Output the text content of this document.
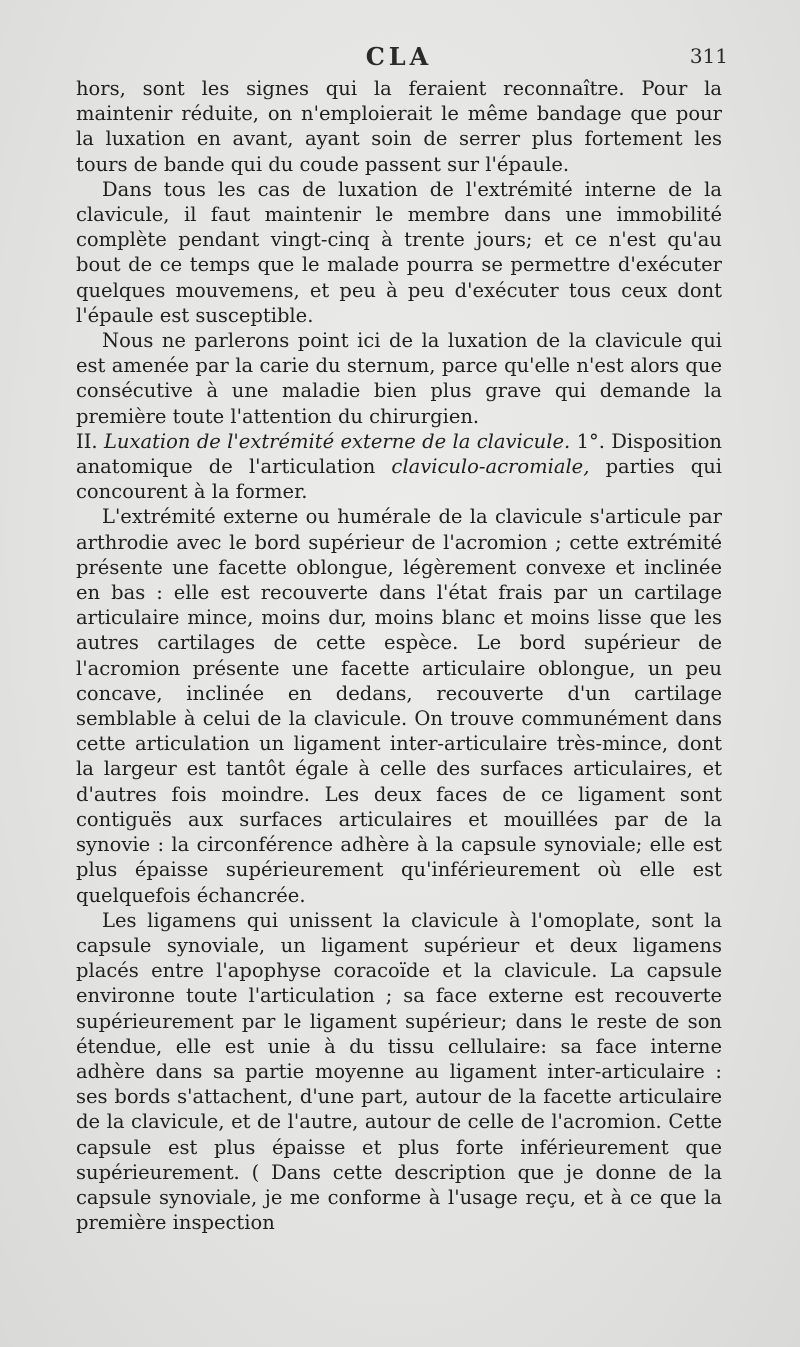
CLA	311

hors, sont les signes qui la feraient reconnaître. Pour la maintenir réduite, on n'emploierait le même bandage que pour la luxation en avant, ayant soin de serrer plus fortement les tours de bande qui du coude passent sur l'épaule.

Dans tous les cas de luxation de l'extrémité interne de la clavicule, il faut maintenir le membre dans une immobilité complète pendant vingt-cinq à trente jours; et ce n'est qu'au bout de ce temps que le malade pourra se permettre d'exécuter quelques mouvemens, et peu à peu d'exécuter tous ceux dont l'épaule est susceptible.

Nous ne parlerons point ici de la luxation de la clavicule qui est amenée par la carie du sternum, parce qu'elle n'est alors que consécutive à une maladie bien plus grave qui demande la première toute l'attention du chirurgien.

II. Luxation de l'extrémité externe de la clavicule. 1°. Disposition anatomique de l'articulation claviculo-acromiale, parties qui concourent à la former.

L'extrémité externe ou humérale de la clavicule s'articule par arthrodie avec le bord supérieur de l'acromion ; cette extrémité présente une facette oblongue, légèrement convexe et inclinée en bas : elle est recouverte dans l'état frais par un cartilage articulaire mince, moins dur, moins blanc et moins lisse que les autres cartilages de cette espèce. Le bord supérieur de l'acromion présente une facette articulaire oblongue, un peu concave, inclinée en dedans, recouverte d'un cartilage semblable à celui de la clavicule. On trouve communément dans cette articulation un ligament inter-articulaire très-mince, dont la largeur est tantôt égale à celle des surfaces articulaires, et d'autres fois moindre. Les deux faces de ce ligament sont contiguës aux surfaces articulaires et mouillées par de la synovie : la circonférence adhère à la capsule synoviale; elle est plus épaisse supérieurement qu'inférieurement où elle est quelquefois échancrée.

Les ligamens qui unissent la clavicule à l'omoplate, sont la capsule synoviale, un ligament supérieur et deux ligamens placés entre l'apophyse coracoïde et la clavicule. La capsule environne toute l'articulation ; sa face externe est recouverte supérieurement par le ligament supérieur; dans le reste de son étendue, elle est unie à du tissu cellulaire: sa face interne adhère dans sa partie moyenne au ligament inter-articulaire : ses bords s'attachent, d'une part, autour de la facette articulaire de la clavicule, et de l'autre, autour de celle de l'acromion. Cette capsule est plus épaisse et plus forte inférieurement que supérieurement. ( Dans cette description que je donne de la capsule synoviale, je me conforme à l'usage reçu, et à ce que la première inspection
